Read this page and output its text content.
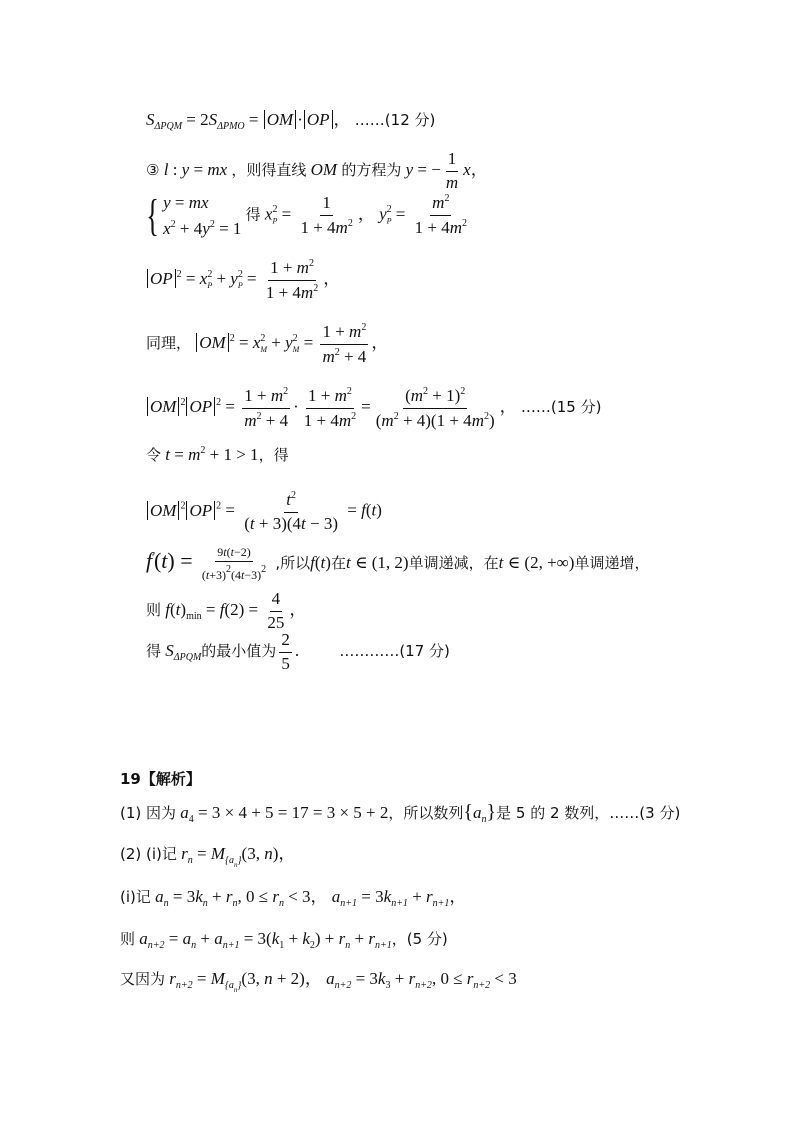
$S_{\Delta PQM} = 2S_{\Delta PMO}$ = OM · OP ， ……(12 分)
③ l : y = mx ，则得直线 OM 的方程为 y = − $\frac{1}{m}$ x，
{ y = mx
$x^2 + 4y^2 = 1$
得 $x^2_P = \frac{1}{1 + 4m^2}$ ， $y^2_P = \frac{m^2}{1 + 4m^2}$
OP $^2 = x^2_P + y^2_P = \frac{1 + m^2}{1 + 4m^2}$ ，
同理， OM $^2 = x^2_M + y^2_M = \frac{1 + m^2}{m^2 + 4}$ ，
OM $^2$ OP $^2 = \frac{1 + m^2}{m^2 + 4} \cdot \frac{1 + m^2}{1 + 4m^2} = \frac{(m^2 + 1)^2}{(m^2 + 4)(1 + 4m^2)}$ ， ……(15 分)
令 $t = m^2 + 1 > 1$，得
OM $^2$ OP $^2 = \frac{t^2}{(t + 3)(4t - 3)} = f(t)$
$f'(t) = \frac{9t(t-2)}{(t+3)^2(4t-3)^2}$ ,所以f(t)在t ∈ (1, 2)单调递减，在t ∈ (2, +∞)单调递增，
则 $f(t)_{min} = f(2) = \frac{4}{25}$ ，
得 $S_{\Delta PQM}$的最小值为 $\frac{2}{5}$ . …………(17 分)
19【解析】
(1) 因为 $a_4 = 3 \times 4 + 5 = 17 = 3 \times 5 + 2$，所以数列$\{a_n\}$是 5 的 2 数列，……(3 分)
(2) (i)记 $r_n = M_{\{a_n\}}(3$, n)，
(i)记 $a_n = 3k_n + r_n$, $0 \le r_n < 3$， $a_{n+1} = 3k_{n+1} + r_{n+1}$，
则 $a_{n+2} = a_n + a_{n+1} = 3(k_1 + k_2) + r_n + r_{n+1}$，(5 分)
又因为 $r_{n+2} = M_{\{a_n\}}(3$, n + 2)， $a_{n+2} = 3k_3 + r_{n+2}$, $0 \le r_{n+2} < 3$
